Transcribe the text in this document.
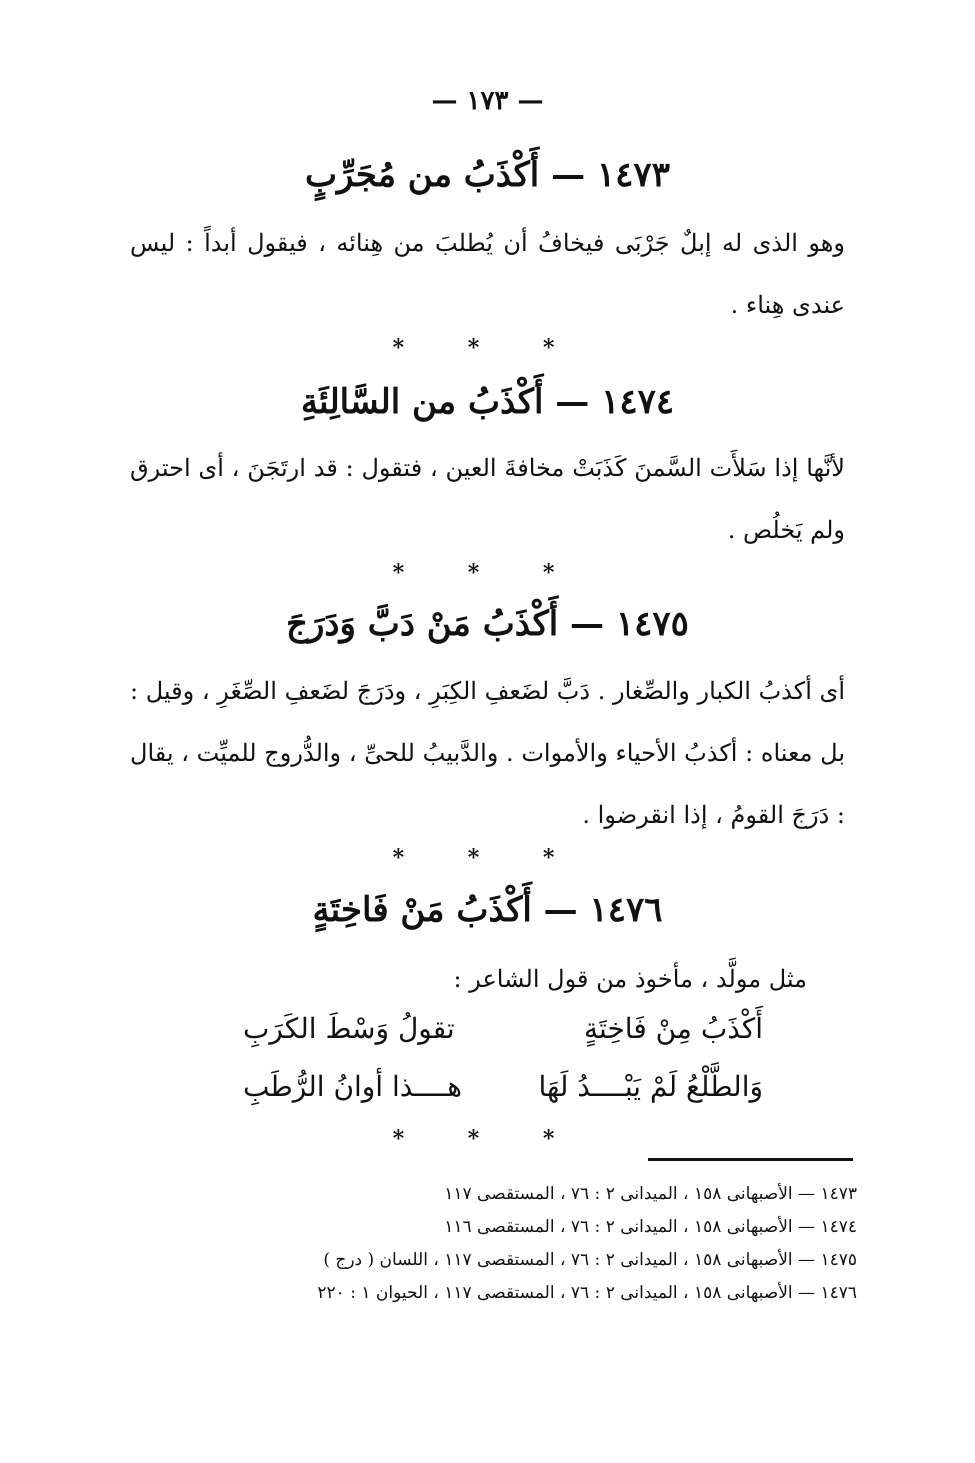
— ١٧٣ —
١٤٧٣ — أَكْذَبُ من مُجَرِّبٍ
وهو الذى له إبلٌ جَرْبَى فيخافُ أن يُطلبَ من هِنائه ، فيقول أبداً : ليس عندى هِناء .
* * *
١٤٧٤ — أَكْذَبُ من السَّالِئَةِ
لأنَّها إذا سَلأَت السَّمنَ كَذَبَتْ مخافةَ العين ، فتقول : قد ارتَجَنَ ، أى احترق ولم يَخلُص .
* * *
١٤٧٥ — أَكْذَبُ مَنْ دَبَّ وَدَرَجَ
أى أكذبُ الكبار والصِّغار . دَبَّ لضَعفِ الكِبَرِ ، ودَرَجَ لضَعفِ الصِّغَرِ ، وقيل : بل معناه : أكذبُ الأحياء والأموات . والدَّبيبُ للحىِّ ، والدُّروج للميِّت ، يقال : دَرَجَ القومُ ، إذا انقرضوا .
* * *
١٤٧٦ — أَكْذَبُ مَنْ فَاخِتَةٍ
مثل مولَّد ، مأخوذ من قول الشاعر :
أَكْذَبُ مِنْ فَاخِتَةٍ
تقولُ وَسْطَ الكَرَبِ
وَالطَّلْعُ لَمْ يَبْــــدُ لَهَا
هــــذا أوانُ الرُّطَبِ
* * *
١٤٧٣ — الأصبهانى ١٥٨ ، الميدانى ٢ : ٧٦ ، المستقصى ١١٧
١٤٧٤ — الأصبهانى ١٥٨ ، الميدانى ٢ : ٧٦ ، المستقصى ١١٦
١٤٧٥ — الأصبهانى ١٥٨ ، الميدانى ٢ : ٧٦ ، المستقصى ١١٧ ، اللسان ( درج )
١٤٧٦ — الأصبهانى ١٥٨ ، الميدانى ٢ : ٧٦ ، المستقصى ١١٧ ، الحيوان ١ : ٢٢٠
